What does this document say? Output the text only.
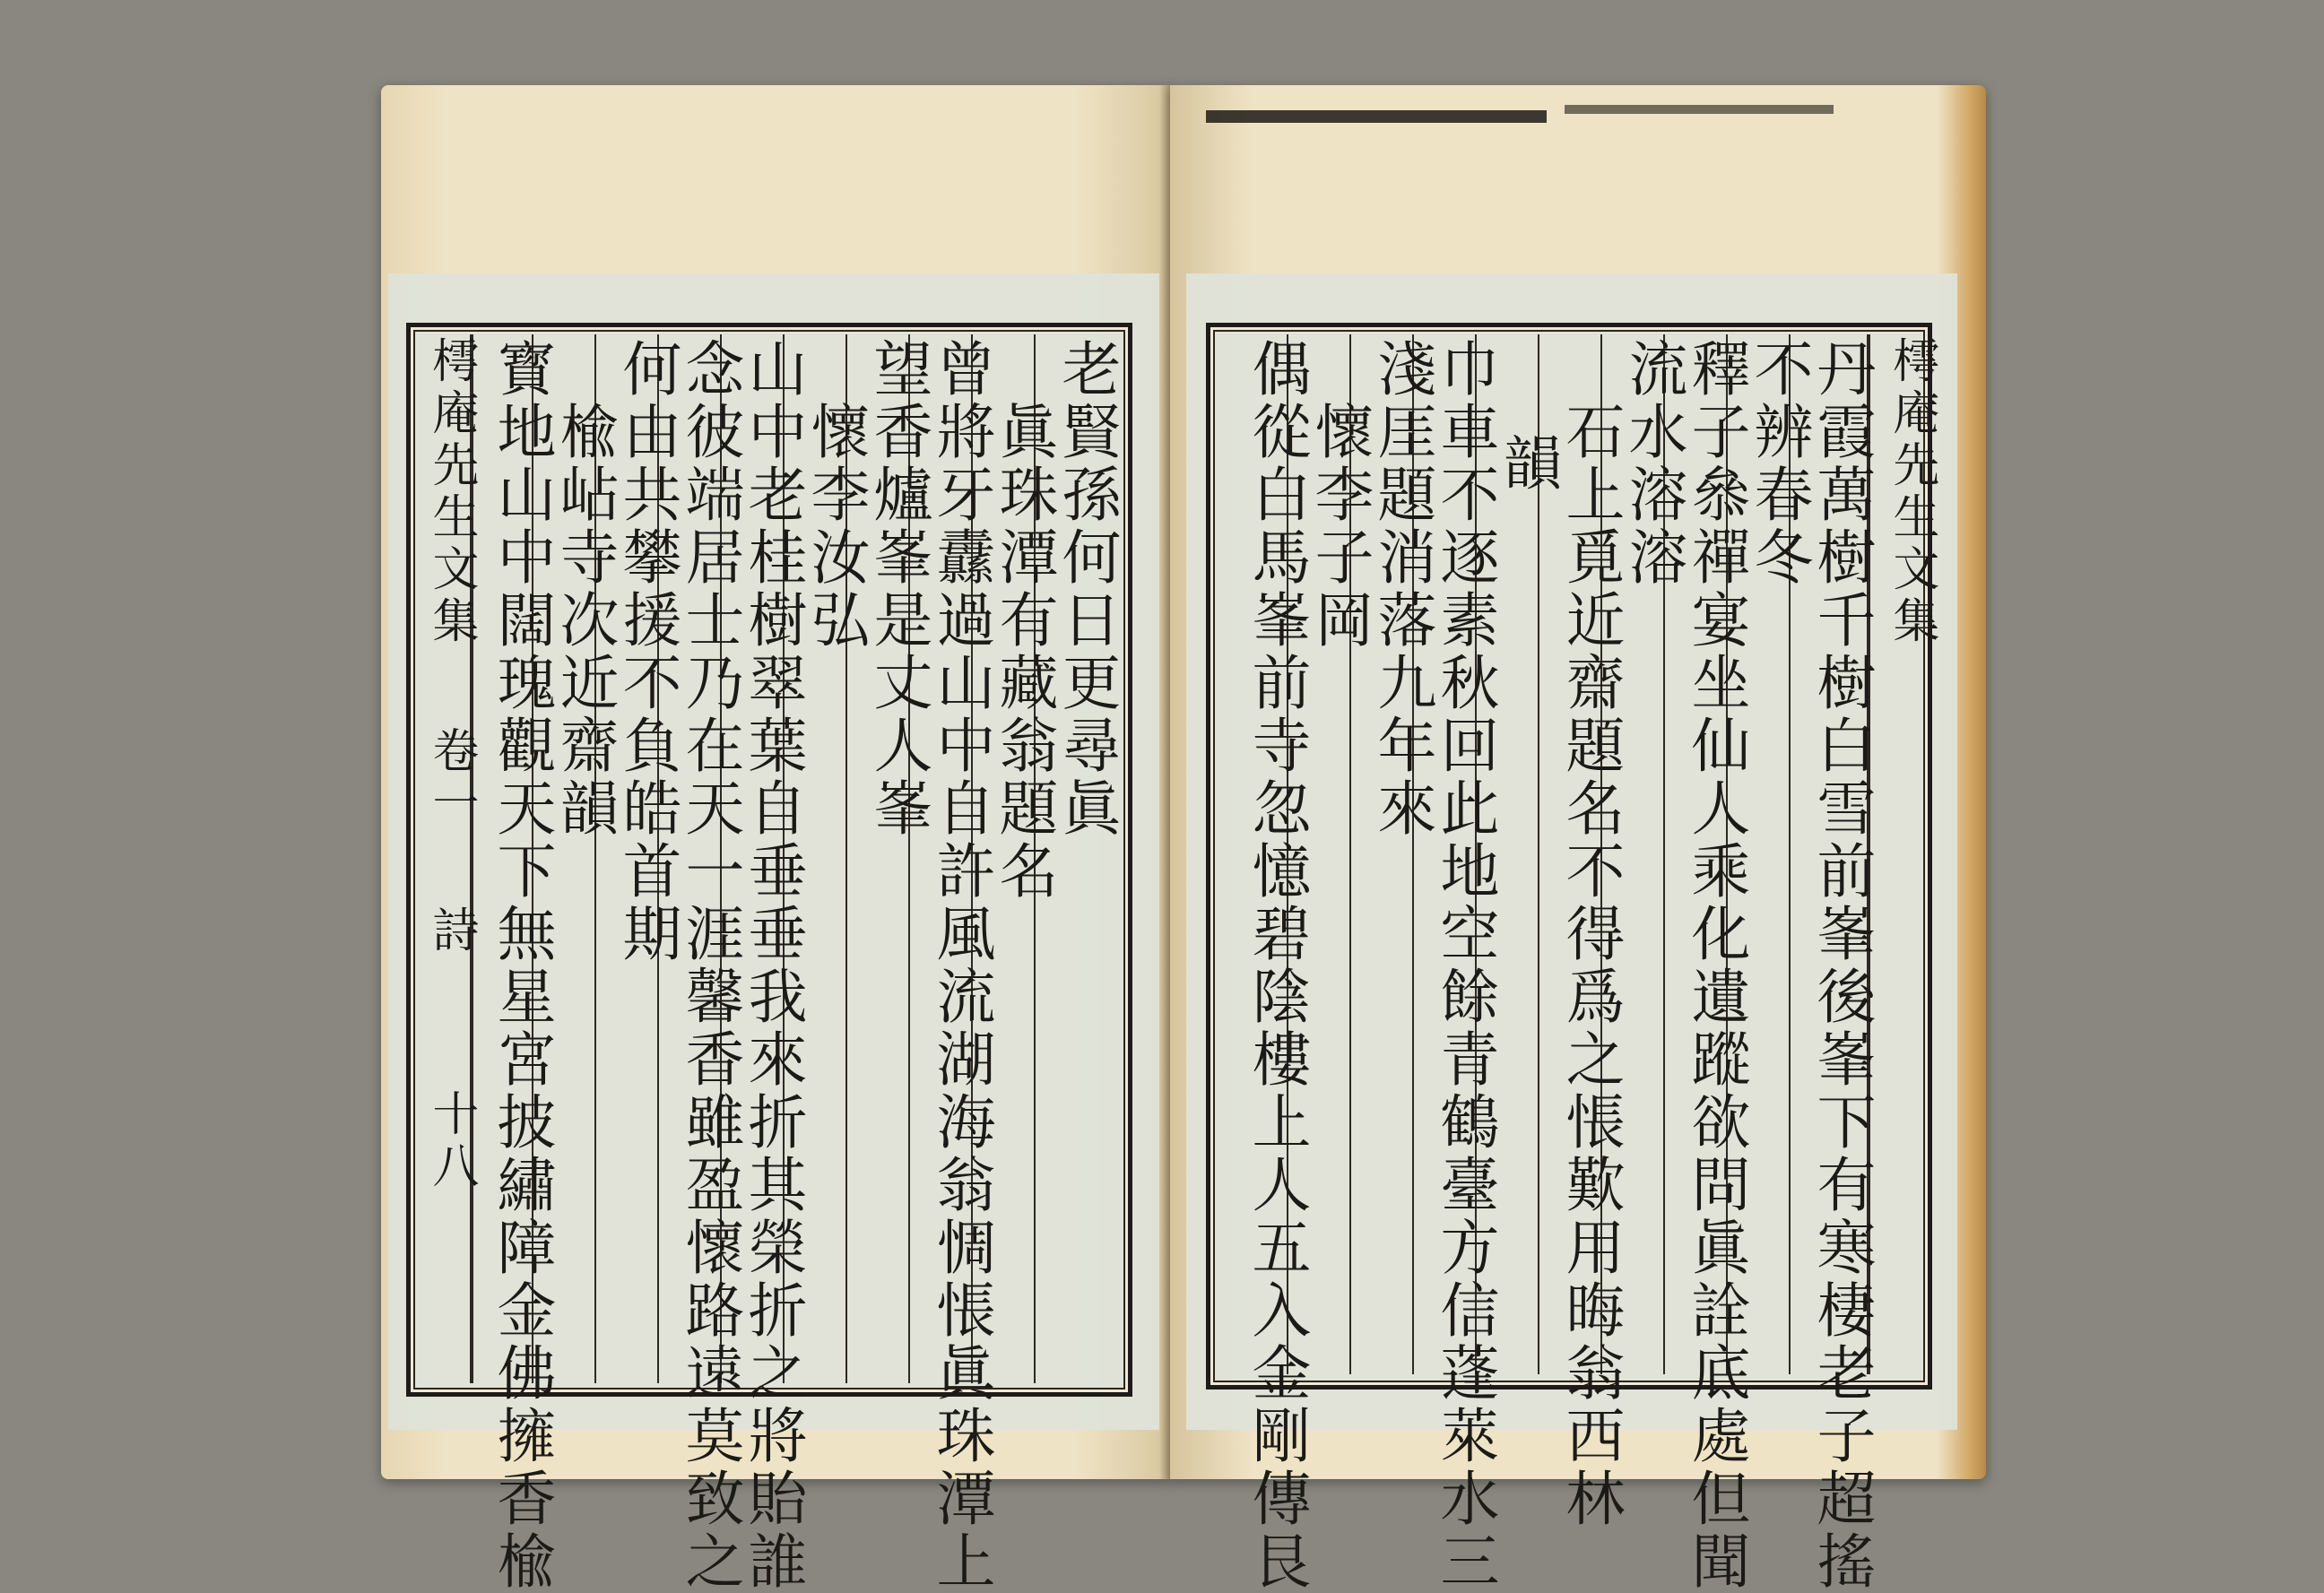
老賢孫何日更尋眞
眞珠潭有藏翁題名
曾將牙纛過山中自許風流湖海翁惆悵眞珠潭上
望香爐峯是丈人峯
懷李汝弘
山中老桂樹翠葉自垂垂我來折其榮折之將貽誰
念彼端居士乃在天一涯馨香雖盈懷路遠莫致之
何由共攀援不負皓首期
楡岾寺次近齋韻
寳地山中闊瑰觀天下無星宮披繡障金佛擁香楡
樗庵先生文集
卷一
詩
十八
樗庵先生文集
丹霞萬樹千樹白雪前峯後峯下有寒棲老子超搖
不辨春冬
釋子叅禪宴坐仙人乘化遺蹤欲問眞詮底處但聞
流水溶溶
石上覓近齋題名不得爲之悵歎用晦翁西林
韻
巾車不逐素秋回此地空餘青鶴臺方信蓬萊水三
淺厓題消落九年來
懷李子岡
偶從白馬峯前寺忽憶碧陰樓上人五入金剛傳艮
